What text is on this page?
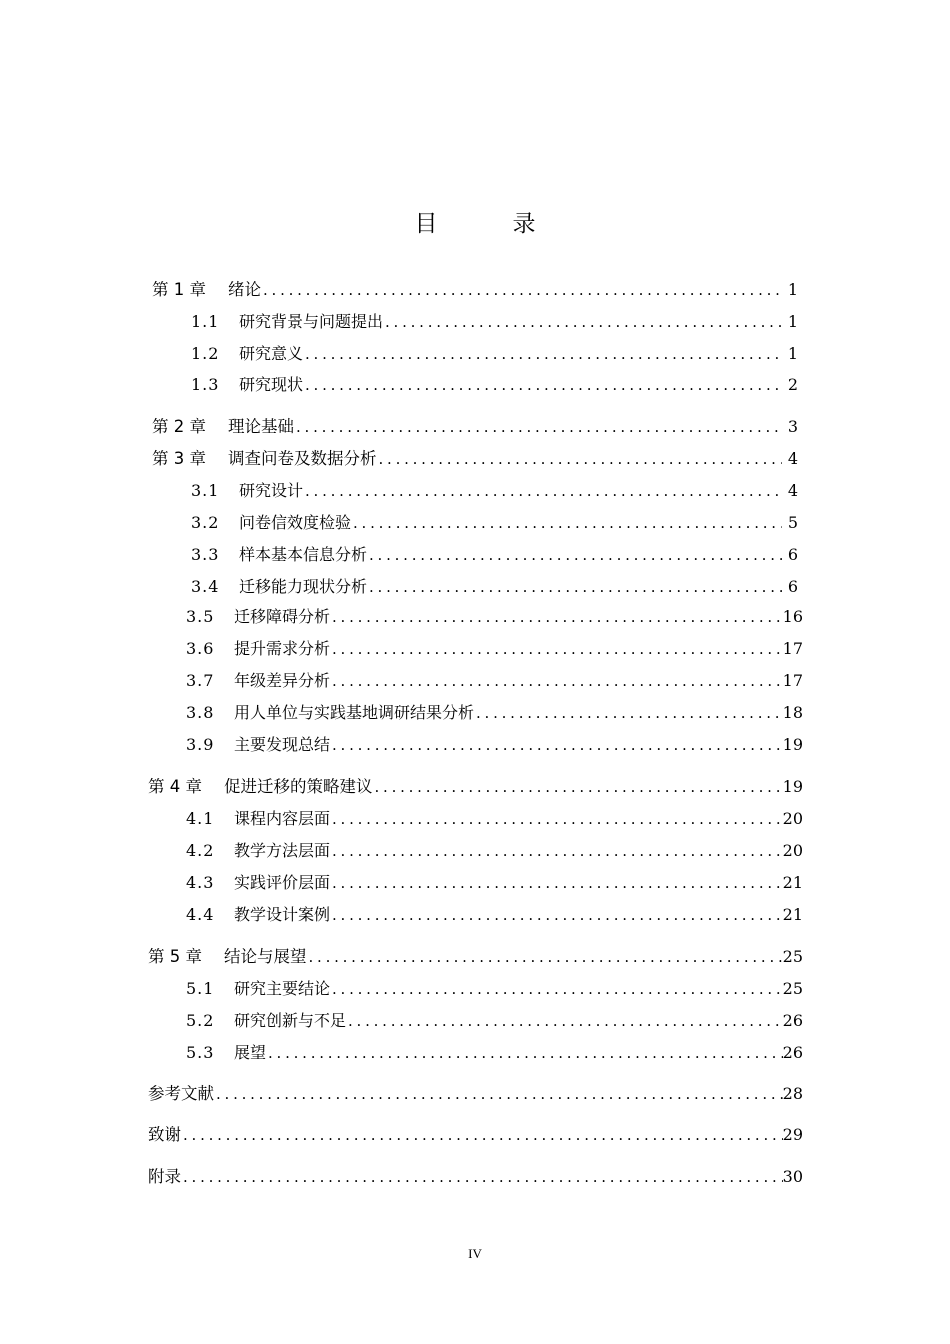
目　录
第 1 章	绪论 . . .	1
1.1	研究背景与问题提出 . . .	1
1.2	研究意义 . . .	1
1.3	研究现状 . . .	2
第 2 章	理论基础 . . .	3
第 3 章	调查问卷及数据分析 . . .	4
3.1	研究设计 . . .	4
3.2	问卷信效度检验 . . .	5
3.3	样本基本信息分析 . . .	6
3.4	迁移能力现状分析 . . .	6
3.5	迁移障碍分析 . . .	16
3.6	提升需求分析 . . .	17
3.7	年级差异分析 . . .	17
3.8	用人单位与实践基地调研结果分析 . . .	18
3.9	主要发现总结 . . .	19
第 4 章	促进迁移的策略建议 . . .	19
4.1	课程内容层面 . . .	20
4.2	教学方法层面 . . .	20
4.3	实践评价层面 . . .	21
4.4	教学设计案例 . . .	21
第 5 章	结论与展望 . . .	25
5.1	研究主要结论 . . .	25
5.2	研究创新与不足 . . .	26
5.3	展望 . . .	26
参考文献 . . .	28
致谢 . . .	29
附录 . . .	30
IV
